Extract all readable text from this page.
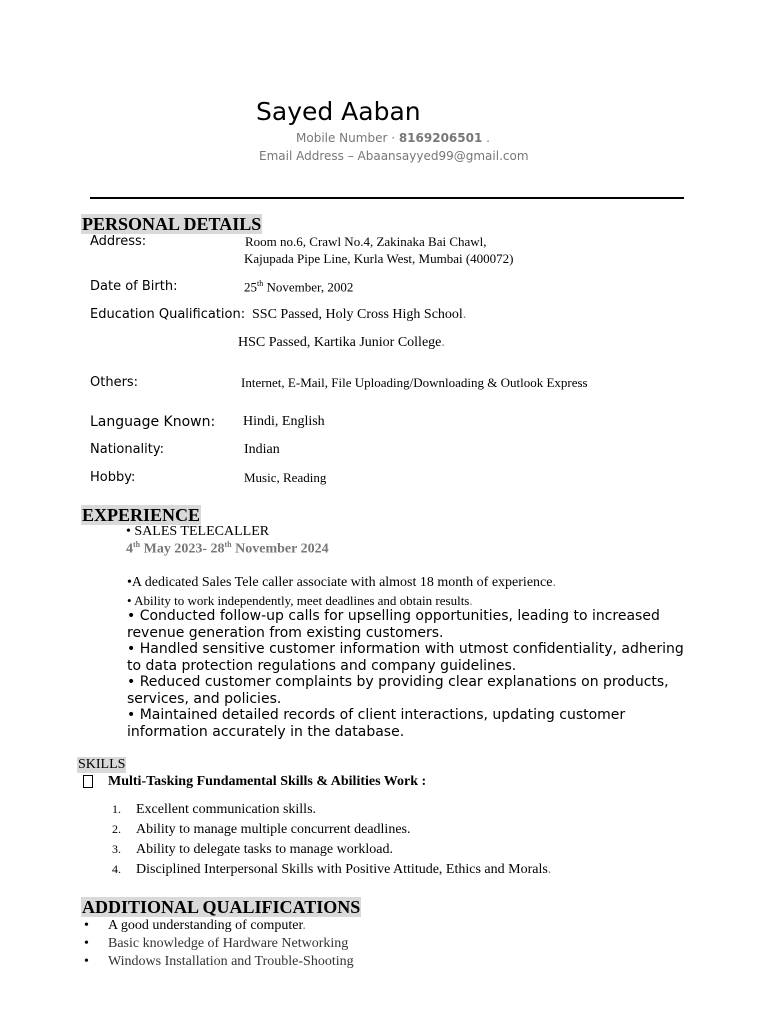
Sayed Aaban
Mobile Number · 8169206501 .
Email Address – Abaansayyed99@gmail.com
PERSONAL DETAILS
Address:	Room no.6, Crawl No.4, Zakinaka Bai Chawl,
Kajupada Pipe Line, Kurla West, Mumbai (400072)
Date of Birth:	25th November, 2002
Education Qualification: SSC Passed, Holy Cross High School.
HSC Passed, Kartika Junior College.
Others:	Internet, E-Mail, File Uploading/Downloading & Outlook Express
Language Known: Hindi, English
Nationality:	Indian
Hobby:	Music, Reading
EXPERIENCE
• SALES TELECALLER
4th May 2023- 28th November 2024
•A dedicated Sales Tele caller associate with almost 18 month of experience.
• Ability to work independently, meet deadlines and obtain results.
• Conducted follow-up calls for upselling opportunities, leading to increased
revenue generation from existing customers.
• Handled sensitive customer information with utmost confidentiality, adhering
to data protection regulations and company guidelines.
• Reduced customer complaints by providing clear explanations on products,
services, and policies.
• Maintained detailed records of client interactions, updating customer
information accurately in the database.
SKILLS
Multi-Tasking Fundamental Skills & Abilities Work :
1. Excellent communication skills.
2. Ability to manage multiple concurrent deadlines.
3. Ability to delegate tasks to manage workload.
4. Disciplined Interpersonal Skills with Positive Attitude, Ethics and Morals.
ADDITIONAL QUALIFICATIONS
• A good understanding of computer.
• Basic knowledge of Hardware Networking
• Windows Installation and Trouble-Shooting
